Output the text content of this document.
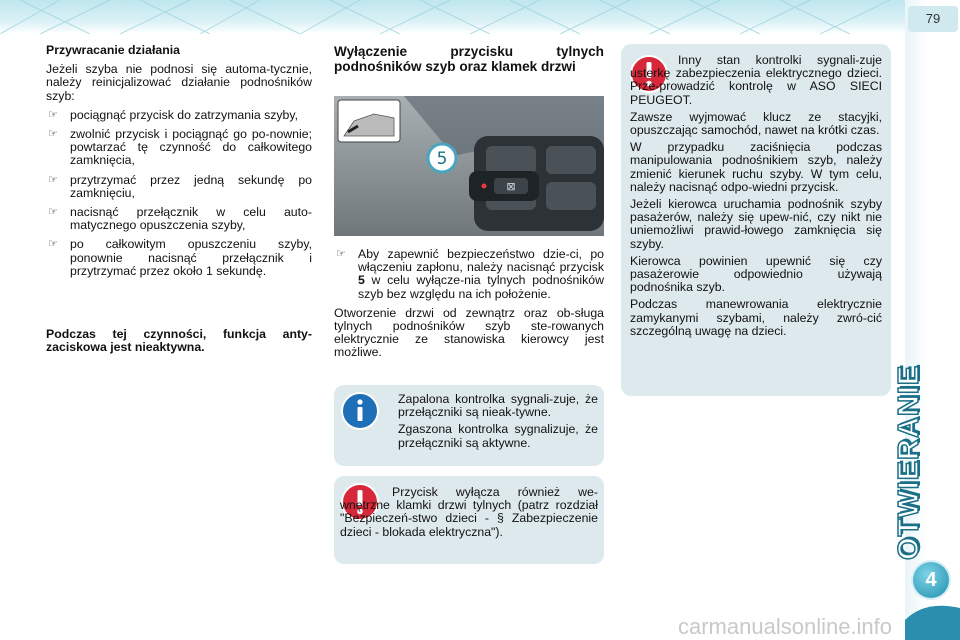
79
OTWIERANIE
4

Przywracanie działania

Jeżeli szyba nie podnosi się automa-tycznie, należy reinicjalizować działanie podnośników szyb:

☞ pociągnąć przycisk do zatrzymania szyby,
☞ zwolnić przycisk i pociągnąć go po-nownie; powtarzać tę czynność do całkowitego zamknięcia,
☞ przytrzymać przez jedną sekundę po zamknięciu,
☞ nacisnąć przełącznik w celu auto-matycznego opuszczenia szyby,
☞ po całkowitym opuszczeniu szyby, ponownie nacisnąć przełącznik i przytrzymać przez około 1 sekundę.

Podczas tej czynności, funkcja anty-zaciskowa jest nieaktywna.

Wyłączenie przycisku tylnych podnośników szyb oraz klamek drzwi

⊠
5
☞ Aby zapewnić bezpieczeństwo dzie-ci, po włączeniu zapłonu, należy nacisnąć przycisk 5 w celu wyłącze-nia tylnych podnośników szyb bez względu na ich położenie.

Otworzenie drzwi od zewnątrz oraz ob-sługa tylnych podnośników szyb ste-rowanych elektrycznie ze stanowiska kierowcy jest możliwe.

Zapalona kontrolka sygnali-zuje, że przełączniki są nieak-tywne.

Zgaszona kontrolka sygnalizuje, że przełączniki są aktywne.

Przycisk wyłącza również we-wnętrzne klamki drzwi tylnych (patrz rozdział "Bezpieczeń-stwo dzieci - § Zabezpieczenie dzieci - blokada elektryczna").

Inny stan kontrolki sygnali-zuje usterkę zabezpieczenia elektrycznego dzieci. Prze-prowadzić kontrolę w ASO SIECI PEUGEOT.

Zawsze wyjmować klucz ze stacyjki, opuszczając samochód, nawet na krótki czas.

W przypadku zaciśnięcia podczas manipulowania podnośnikiem szyb, należy zmienić kierunek ruchu szyby. W tym celu, należy nacisnąć odpo-wiedni przycisk.

Jeżeli kierowca uruchamia podnośnik szyby pasażerów, należy się upew-nić, czy nikt nie uniemożliwi prawid-łowego zamknięcia się szyby.

Kierowca powinien upewnić się czy pasażerowie odpowiednio używają podnośnika szyb.

Podczas manewrowania elektrycznie zamykanymi szybami, należy zwró-cić szczególną uwagę na dzieci.

carmanualsonline.info
